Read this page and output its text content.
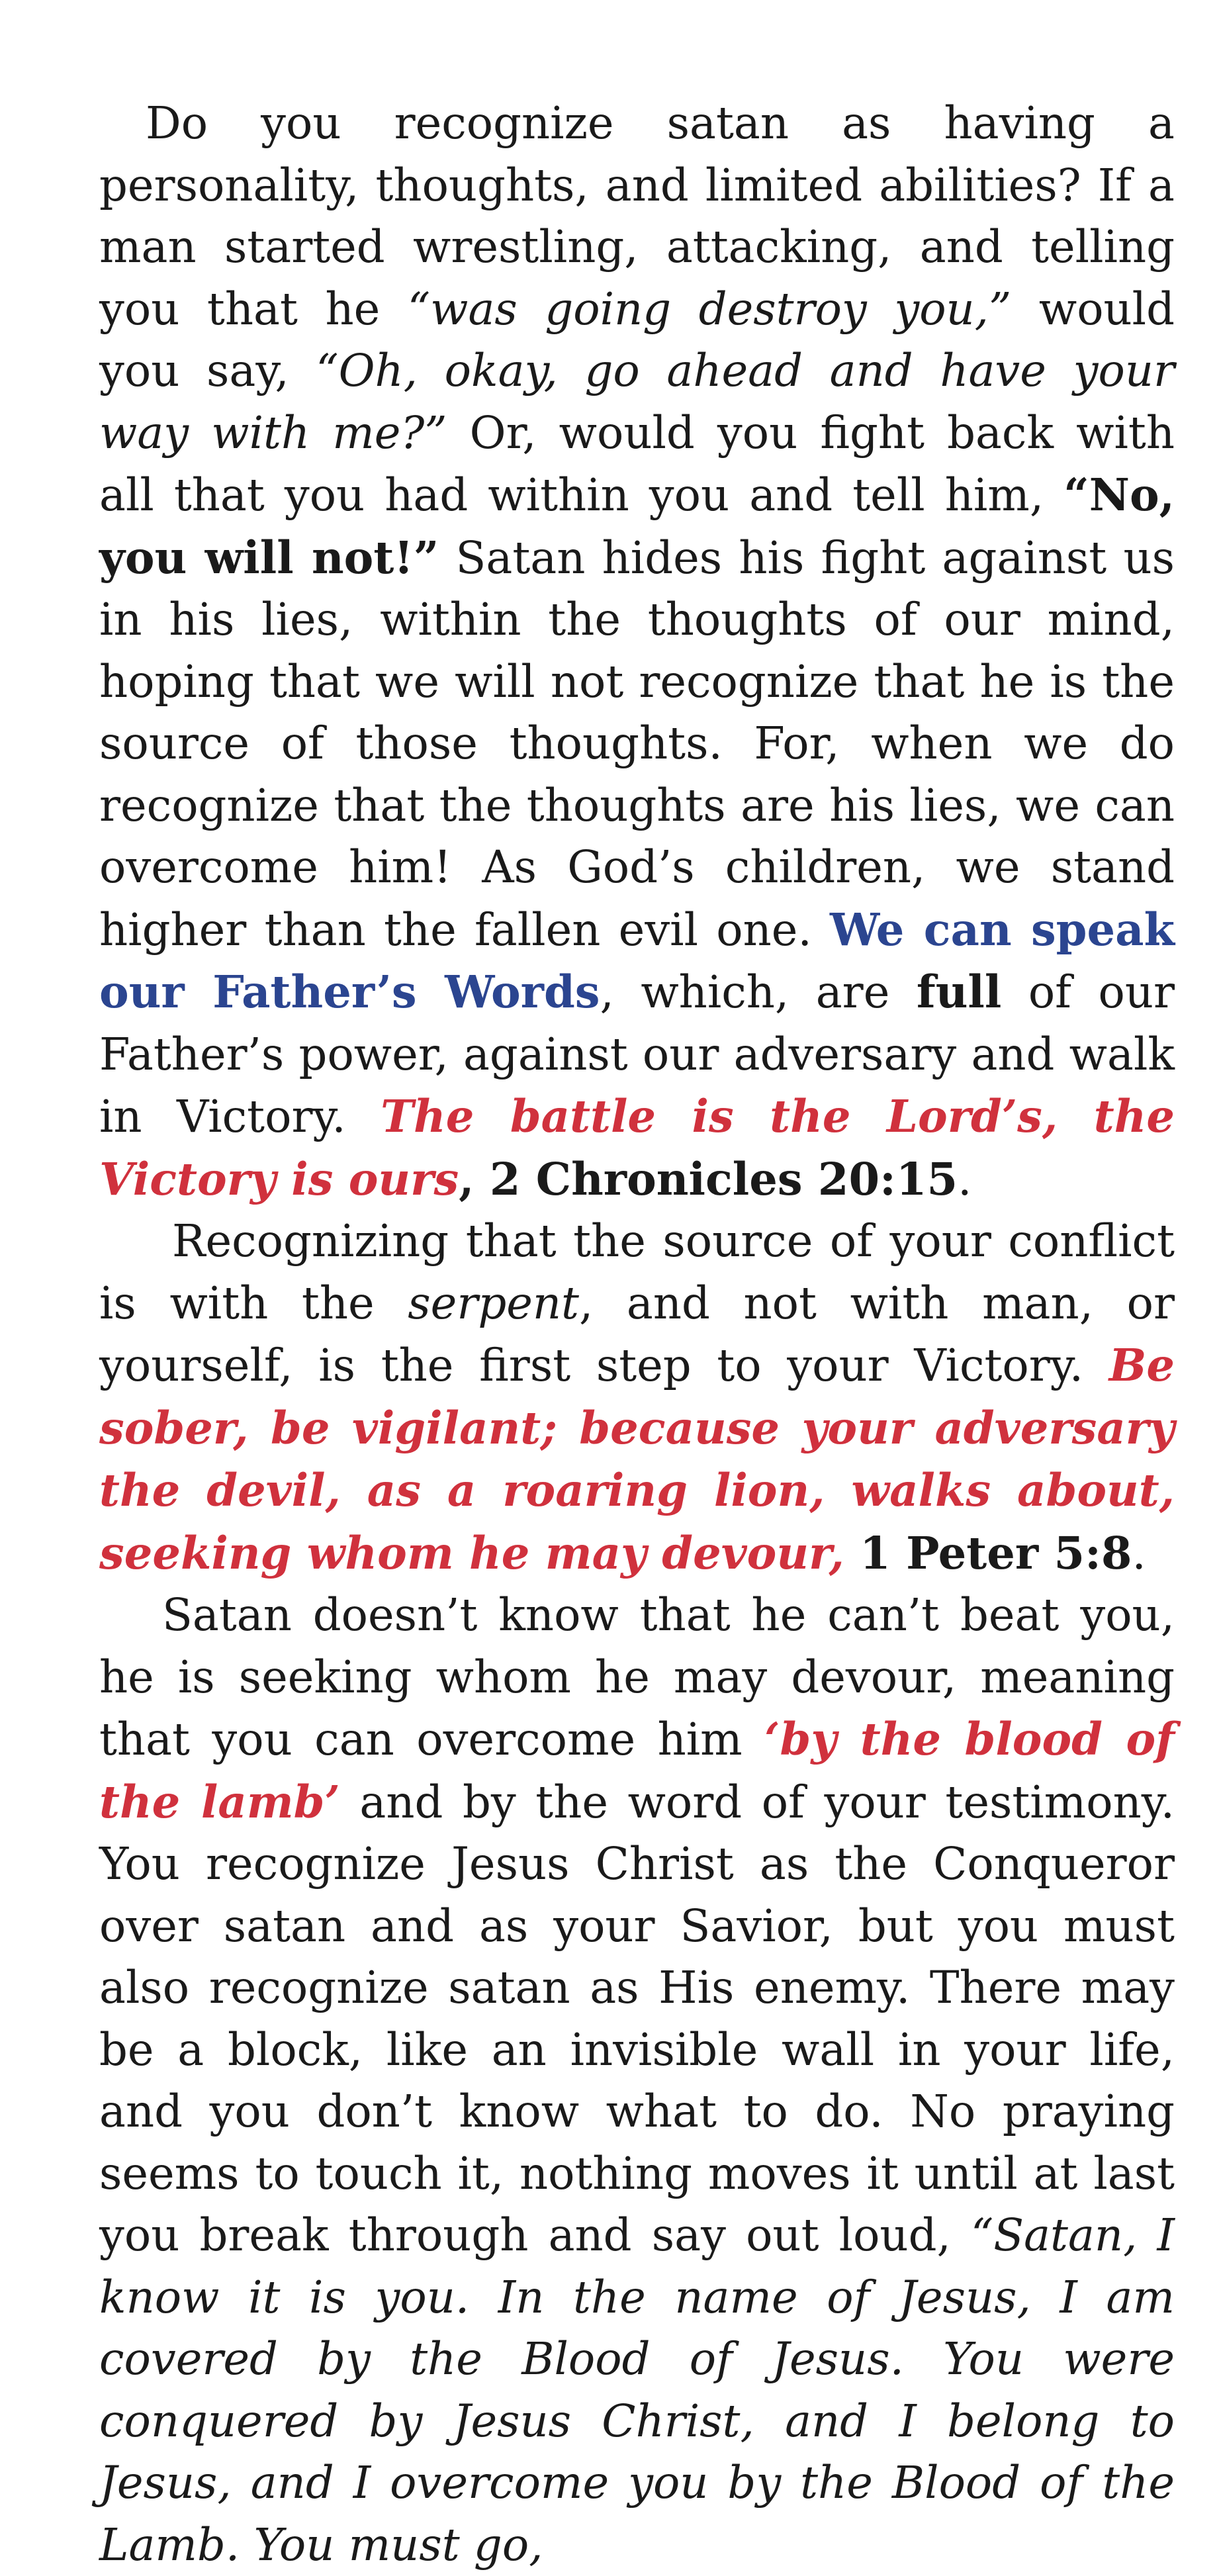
Do you recognize satan as having a personality, thoughts, and limited abilities? If a man started wrestling, attacking, and telling you that he “was going destroy you,” would you say, “Oh, okay, go ahead and have your way with me?” Or, would you fight back with all that you had within you and tell him, “No, you will not!” Satan hides his fight against us in his lies, within the thoughts of our mind, hoping that we will not recognize that he is the source of those thoughts. For, when we do recognize that the thoughts are his lies, we can overcome him! As God’s children, we stand higher than the fallen evil one. We can speak our Father’s Words, which, are full of our Father’s power, against our adversary and walk in Victory. The battle is the Lord’s, the Victory is ours, 2 Chronicles 20:15.

Recognizing that the source of your conflict is with the serpent, and not with man, or yourself, is the first step to your Victory. Be sober, be vigilant; because your adversary the devil, as a roaring lion, walks about, seeking whom he may devour, 1 Peter 5:8.

Satan doesn’t know that he can’t beat you, he is seeking whom he may devour, meaning that you can overcome him ‘by the blood of the lamb’ and by the word of your testimony. You recognize Jesus Christ as the Conqueror over satan and as your Savior, but you must also recognize satan as His enemy. There may be a block, like an invisible wall in your life, and you don’t know what to do. No praying seems to touch it, nothing moves it until at last you break through and say out loud, “Satan, I know it is you. In the name of Jesus, I am covered by the Blood of Jesus. You were conquered by Jesus Christ, and I belong to Jesus, and I overcome you by the Blood of the Lamb. You must go,
